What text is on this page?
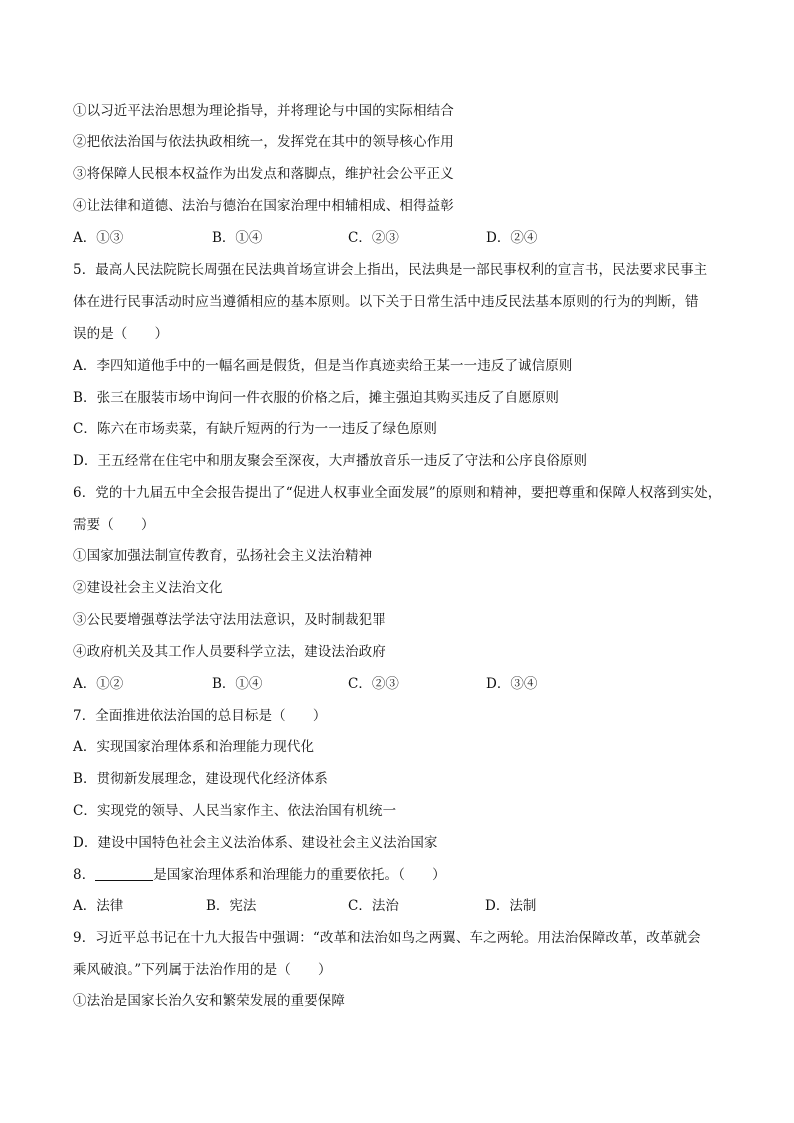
①以习近平法治思想为理论指导，并将理论与中国的实际相结合
②把依法治国与依法执政相统一，发挥党在其中的领导核心作用
③将保障人民根本权益作为出发点和落脚点，维护社会公平正义
④让法律和道德、法治与德治在国家治理中相辅相成、相得益彰
A．①③	B．①④	C．②③	D．②④
5．最高人民法院院长周强在民法典首场宣讲会上指出，民法典是一部民事权利的宣言书，民法要求民事主
体在进行民事活动时应当遵循相应的基本原则。以下关于日常生活中违反民法基本原则的行为的判断，错
误的是（　　）
A．李四知道他手中的一幅名画是假货，但是当作真迹卖给王某一一违反了诚信原则
B．张三在服装市场中询问一件衣服的价格之后，摊主强迫其购买违反了自愿原则
C．陈六在市场卖菜，有缺斤短两的行为一一违反了绿色原则
D．王五经常在住宅中和朋友聚会至深夜，大声播放音乐一违反了守法和公序良俗原则
6．党的十九届五中全会报告提出了“促进人权事业全面发展”的原则和精神，要把尊重和保障人权落到实处，
需要（　　）
①国家加强法制宣传教育，弘扬社会主义法治精神
②建设社会主义法治文化
③公民要增强尊法学法守法用法意识，及时制裁犯罪
④政府机关及其工作人员要科学立法，建设法治政府
A．①②	B．①④	C．②③	D．③④
7．全面推进依法治国的总目标是（　　）
A．实现国家治理体系和治理能力现代化
B．贯彻新发展理念，建设现代化经济体系
C．实现党的领导、人民当家作主、依法治国有机统一
D．建设中国特色社会主义法治体系、建设社会主义法治国家
8．	是国家治理体系和治理能力的重要依托。（　　）
A．法律	B．宪法	C．法治	D．法制
9．习近平总书记在十九大报告中强调：“改革和法治如鸟之两翼、车之两轮。用法治保障改革，改革就会
乘风破浪。”下列属于法治作用的是（　　）
①法治是国家长治久安和繁荣发展的重要保障
